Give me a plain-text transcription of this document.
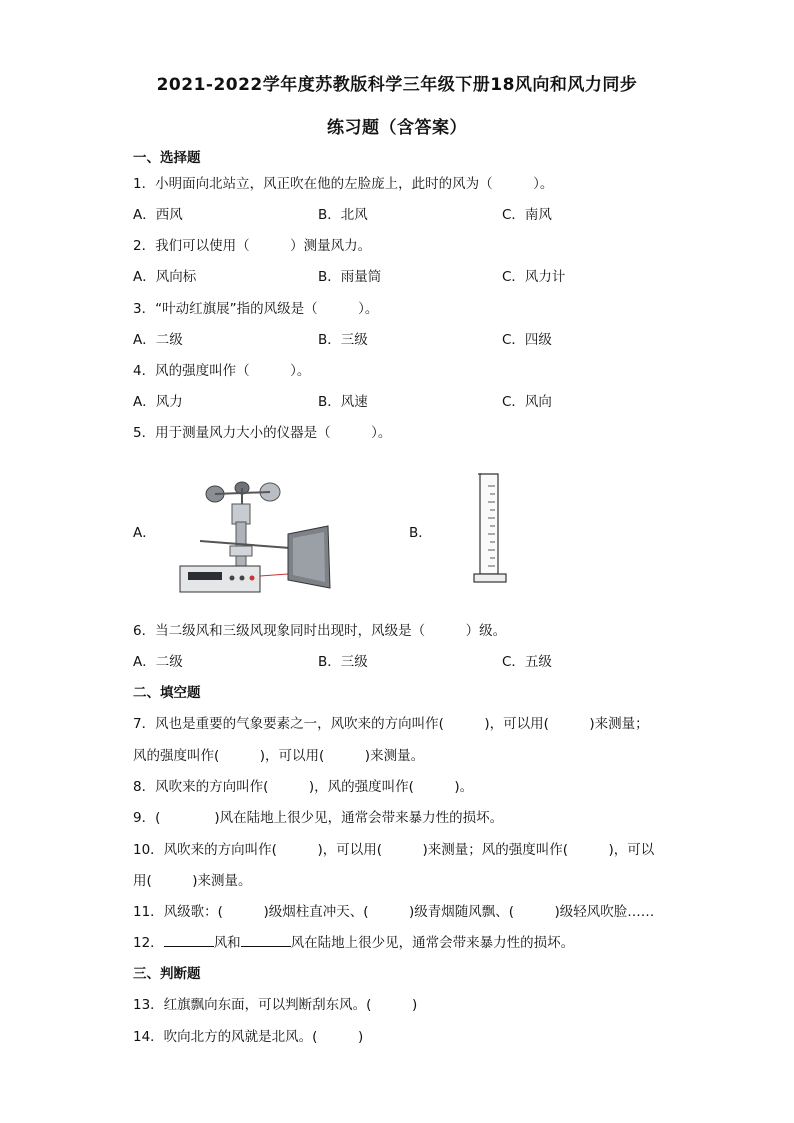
2021-2022学年度苏教版科学三年级下册18风向和风力同步
练习题（含答案）
一、选择题
1．小明面向北站立，风正吹在他的左脸庞上，此时的风为（　　　）。
A．西风	B．北风	C．南风
2．我们可以使用（　　　）测量风力。
A．风向标	B．雨量筒	C．风力计
3．“叶动红旗展”指的风级是（　　　）。
A．二级	B．三级	C．四级
4．风的强度叫作（　　　）。
A．风力	B．风速	C．风向
5．用于测量风力大小的仪器是（　　　）。
A．	B．
6．当二级风和三级风现象同时出现时，风级是（　　　）级。
A．二级	B．三级	C．五级
二、填空题
7．风也是重要的气象要素之一，风吹来的方向叫作(　　　)，可以用(　　　)来测量；
风的强度叫作(　　　)，可以用(　　　)来测量。
8．风吹来的方向叫作(　　　)，风的强度叫作(　　　)。
9．(　　　　)风在陆地上很少见，通常会带来暴力性的损坏。
10．风吹来的方向叫作(　　　)，可以用(　　　)来测量；风的强度叫作(　　　)，可以
用(　　　)来测量。
11．风级歌：(　　　)级烟柱直冲天、(　　　)级青烟随风飘、(　　　)级轻风吹脸……
12．	风和	风在陆地上很少见，通常会带来暴力性的损坏。
三、判断题
13．红旗飘向东面，可以判断刮东风。(　　　)
14．吹向北方的风就是北风。(　　　)
